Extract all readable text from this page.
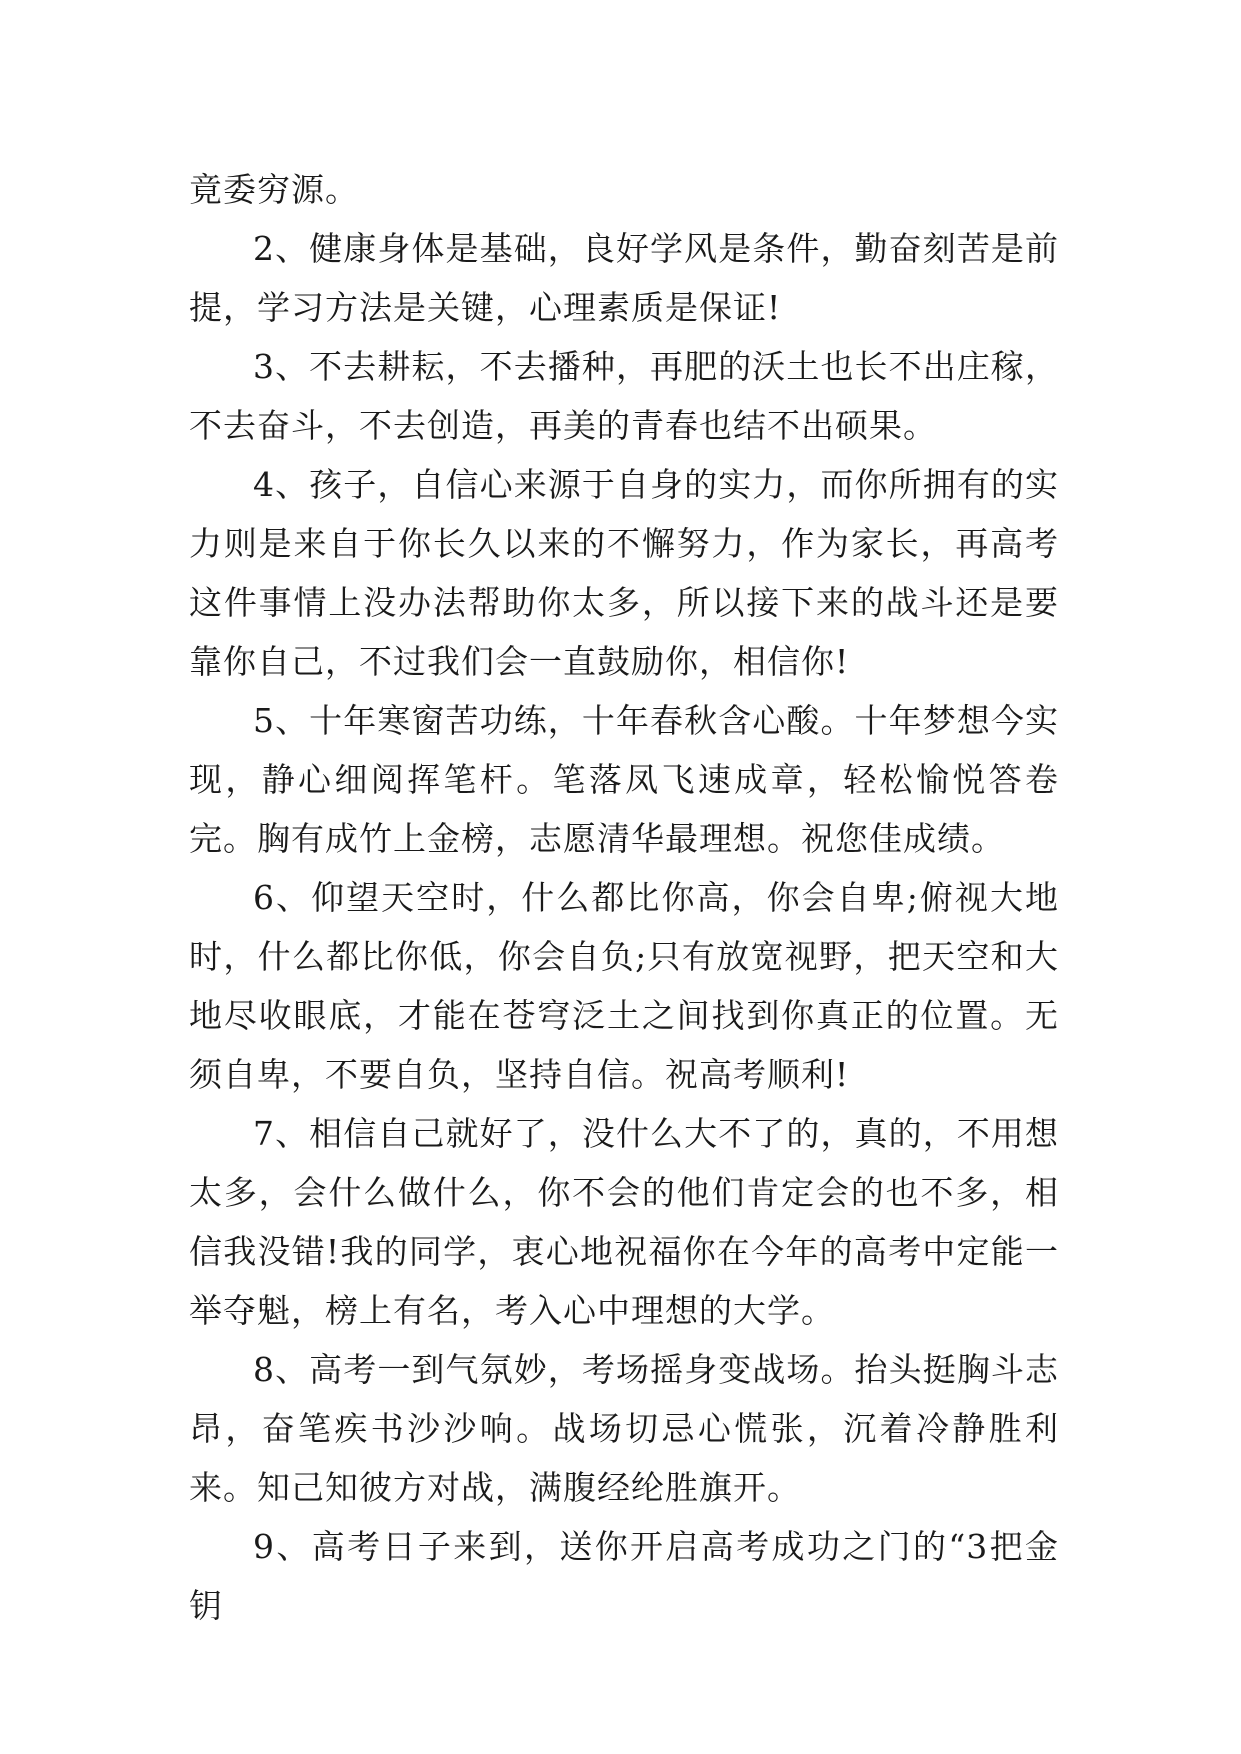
竟委穷源。

2、健康身体是基础，良好学风是条件，勤奋刻苦是前提，学习方法是关键，心理素质是保证!

3、不去耕耘，不去播种，再肥的沃土也长不出庄稼，不去奋斗，不去创造，再美的青春也结不出硕果。

4、孩子，自信心来源于自身的实力，而你所拥有的实力则是来自于你长久以来的不懈努力，作为家长，再高考这件事情上没办法帮助你太多，所以接下来的战斗还是要靠你自己，不过我们会一直鼓励你，相信你!

5、十年寒窗苦功练，十年春秋含心酸。十年梦想今实现，静心细阅挥笔杆。笔落凤飞速成章，轻松愉悦答卷完。胸有成竹上金榜，志愿清华最理想。祝您佳成绩。

6、仰望天空时，什么都比你高，你会自卑;俯视大地时，什么都比你低，你会自负;只有放宽视野，把天空和大地尽收眼底，才能在苍穹泛土之间找到你真正的位置。无须自卑，不要自负，坚持自信。祝高考顺利!

7、相信自己就好了，没什么大不了的，真的，不用想太多，会什么做什么，你不会的他们肯定会的也不多，相信我没错!我的同学，衷心地祝福你在今年的高考中定能一举夺魁，榜上有名，考入心中理想的大学。

8、高考一到气氛妙，考场摇身变战场。抬头挺胸斗志昂，奋笔疾书沙沙响。战场切忌心慌张，沉着冷静胜利来。知己知彼方对战，满腹经纶胜旗开。

9、高考日子来到，送你开启高考成功之门的“3把金钥
